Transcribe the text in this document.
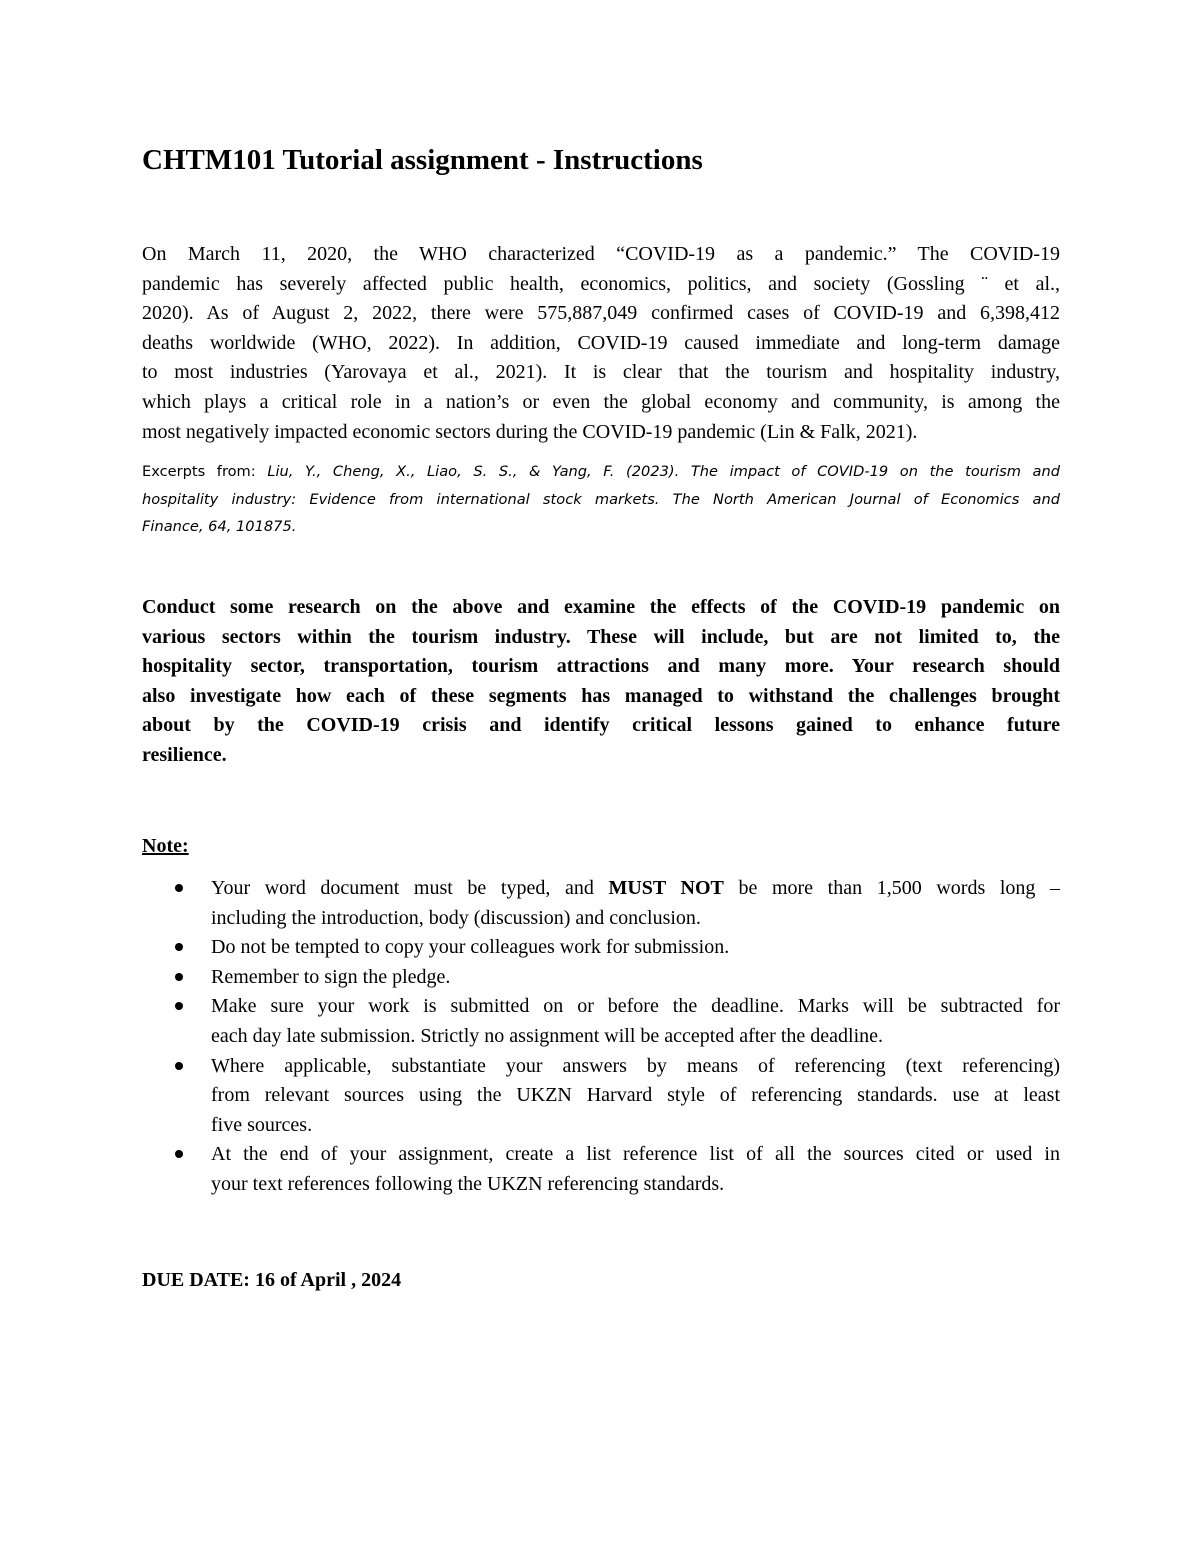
CHTM101 Tutorial assignment - Instructions
On March 11, 2020, the WHO characterized “COVID-19 as a pandemic.” The COVID-19
pandemic has severely affected public health, economics, politics, and society (Gossling ¨ et al.,
2020). As of August 2, 2022, there were 575,887,049 confirmed cases of COVID-19 and 6,398,412
deaths worldwide (WHO, 2022). In addition, COVID-19 caused immediate and long-term damage
to most industries (Yarovaya et al., 2021). It is clear that the tourism and hospitality industry,
which plays a critical role in a nation’s or even the global economy and community, is among the
most negatively impacted economic sectors during the COVID-19 pandemic (Lin & Falk, 2021).
Excerpts from: Liu, Y., Cheng, X., Liao, S. S., & Yang, F. (2023). The impact of COVID-19 on the tourism and
hospitality industry: Evidence from international stock markets. The North American Journal of Economics and
Finance, 64, 101875.
Conduct some research on the above and examine the effects of the COVID-19 pandemic on
various sectors within the tourism industry. These will include, but are not limited to, the
hospitality sector, transportation, tourism attractions and many more. Your research should
also investigate how each of these segments has managed to withstand the challenges brought
about by the COVID-19 crisis and identify critical lessons gained to enhance future
resilience.
Note:
Your word document must be typed, and MUST NOT be more than 1,500 words long –
including the introduction, body (discussion) and conclusion.
Do not be tempted to copy your colleagues work for submission.
Remember to sign the pledge.
Make sure your work is submitted on or before the deadline. Marks will be subtracted for
each day late submission. Strictly no assignment will be accepted after the deadline.
Where applicable, substantiate your answers by means of referencing (text referencing)
from relevant sources using the UKZN Harvard style of referencing standards. use at least
five sources.
At the end of your assignment, create a list reference list of all the sources cited or used in
your text references following the UKZN referencing standards.
DUE DATE: 16 of April , 2024
